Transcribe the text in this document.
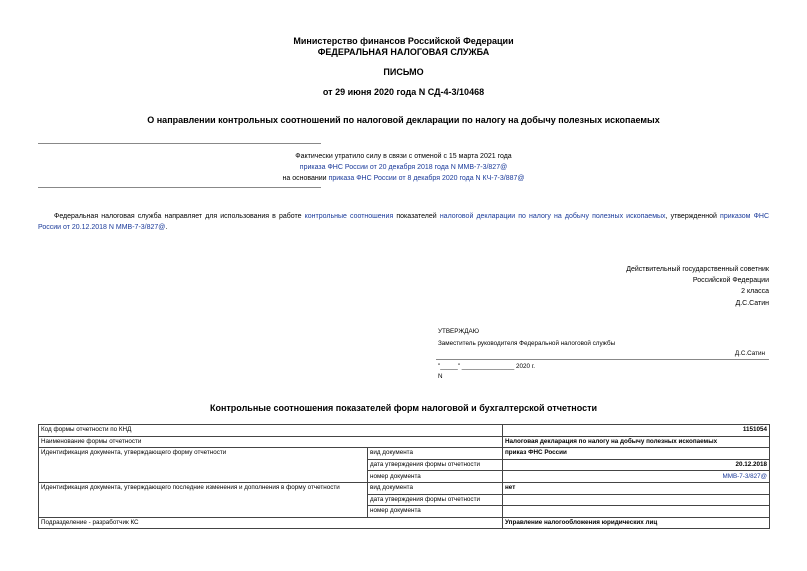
Министерство финансов Российской Федерации
ФЕДЕРАЛЬНАЯ НАЛОГОВАЯ СЛУЖБА
ПИСЬМО
от 29 июня 2020 года N СД-4-3/10468
О направлении контрольных соотношений по налоговой декларации по налогу на добычу полезных ископаемых
Фактически утратило силу в связи с отменой с 15 марта 2021 года
приказа ФНС России от 20 декабря 2018 года N ММВ-7-3/827@
на основании приказа ФНС России от 8 декабря 2020 года N КЧ-7-3/887@
Федеральная налоговая служба направляет для использования в работе контрольные соотношения показателей налоговой декларации по налогу на добычу полезных ископаемых, утвержденной приказом ФНС России от 20.12.2018 N ММВ-7-3/827@.
Действительный государственный советник
Российской Федерации
2 класса
Д.С.Сатин
УТВЕРЖДАЮ
Заместитель руководителя Федеральной налоговой службы
Д.С.Сатин
"_____" _______________ 2020 г.
N
Контрольные соотношения показателей форм налоговой и бухгалтерской отчетности
Код формы отчетности по КНД		1151054
Наименование формы отчетности		Налоговая декларация по налогу на добычу полезных ископаемых
Идентификация документа, утверждающего форму отчетности	вид документа	приказ ФНС России
	дата утверждения формы отчетности	20.12.2018
	номер документа	ММВ-7-3/827@
Идентификация документа, утверждающего последние изменения и дополнения в форму отчетности	вид документа	нет
	дата утверждения формы отчетности	
	номер документа	
Подразделение - разработчик КС		Управление налогообложения юридических лиц
